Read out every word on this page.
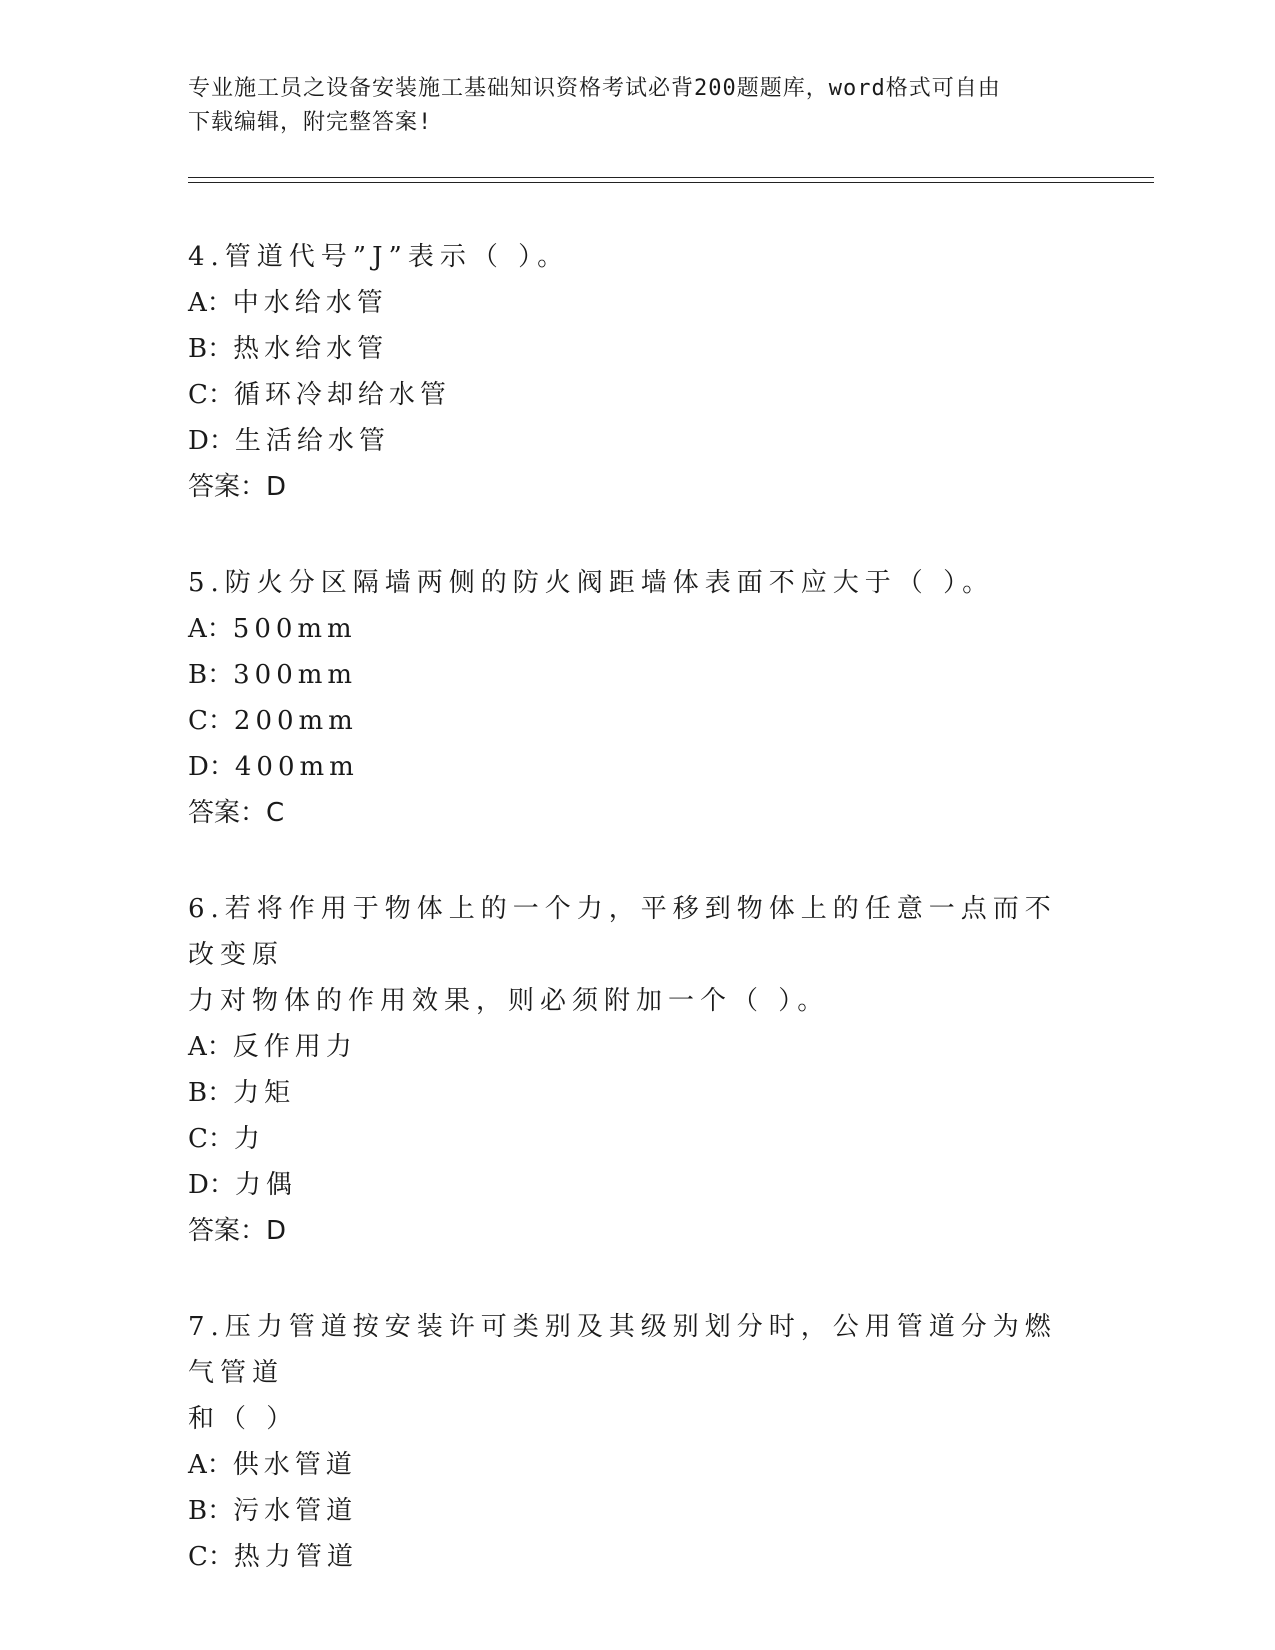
专业施工员之设备安装施工基础知识资格考试必背200题题库，word格式可自由
下载编辑，附完整答案!
4.管道代号”J”表示（ ）。
A：中水给水管
B：热水给水管
C：循环冷却给水管
D：生活给水管
答案：D
5.防火分区隔墙两侧的防火阀距墙体表面不应大于（ ）。
A：500mm
B：300mm
C：200mm
D：400mm
答案：C
6.若将作用于物体上的一个力，平移到物体上的任意一点而不改变原
力对物体的作用效果，则必须附加一个（ ）。
A：反作用力
B：力矩
C：力
D：力偶
答案：D
7.压力管道按安装许可类别及其级别划分时，公用管道分为燃气管道
和（ ）
A：供水管道
B：污水管道
C：热力管道
